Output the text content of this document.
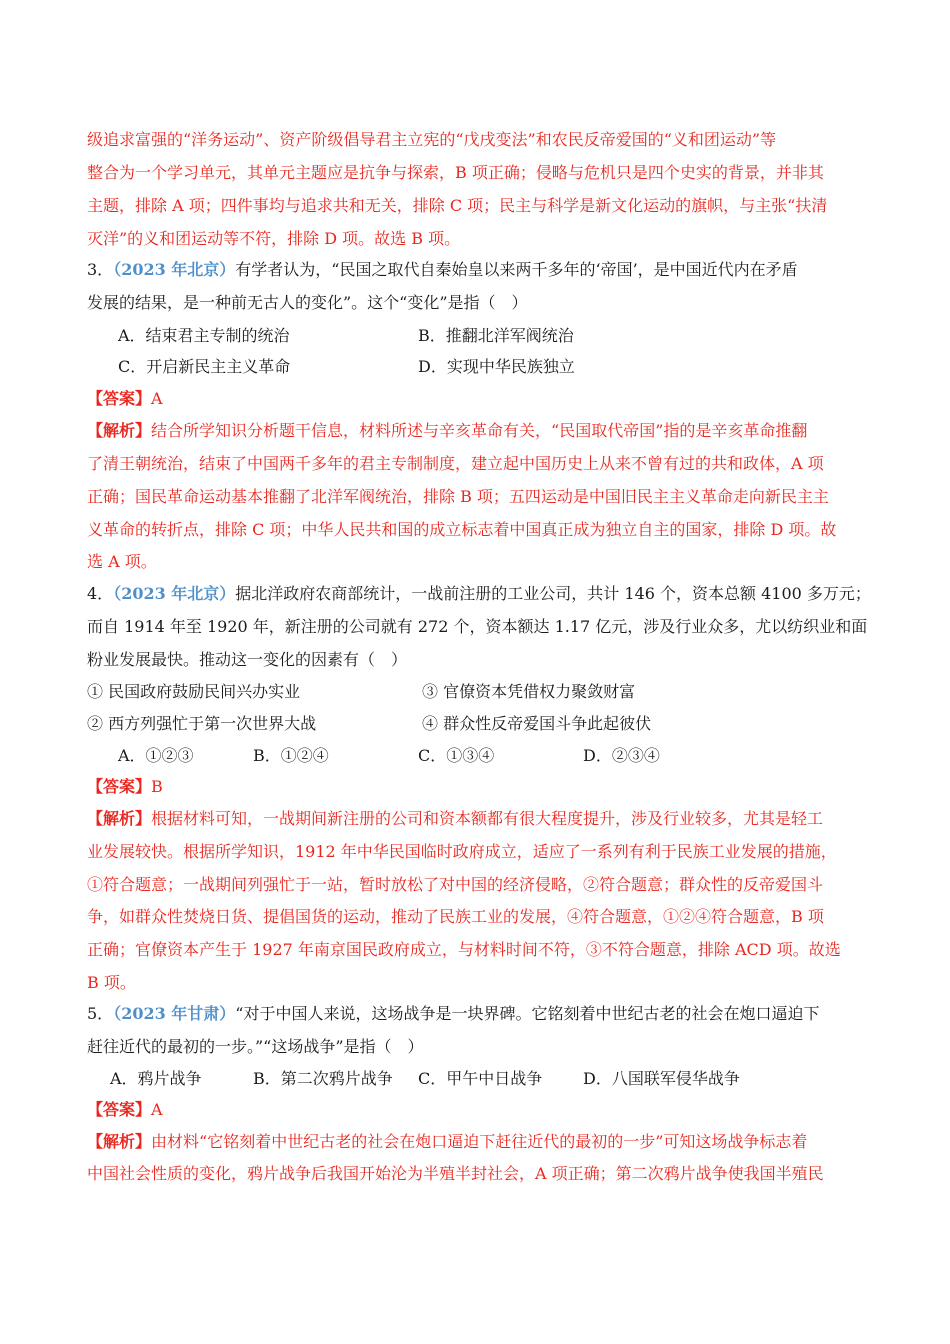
级追求富强的“洋务运动”、资产阶级倡导君主立宪的“戊戌变法”和农民反帝爱国的“义和团运动”等
整合为一个学习单元，其单元主题应是抗争与探索，B 项正确；侵略与危机只是四个史实的背景，并非其
主题，排除 A 项；四件事均与追求共和无关，排除 C 项；民主与科学是新文化运动的旗帜，与主张“扶清
灭洋”的义和团运动等不符，排除 D 项。故选 B 项。
3．（2023 年北京）有学者认为，“民国之取代自秦始皇以来两千多年的‘帝国’，是中国近代内在矛盾
发展的结果，是一种前无古人的变化”。这个“变化”是指（　）
A．结束君主专制的统治	B．推翻北洋军阀统治
C．开启新民主主义革命	D．实现中华民族独立
【答案】A
【解析】结合所学知识分析题干信息，材料所述与辛亥革命有关，“民国取代帝国”指的是辛亥革命推翻
了清王朝统治，结束了中国两千多年的君主专制制度，建立起中国历史上从来不曾有过的共和政体，A 项
正确；国民革命运动基本推翻了北洋军阀统治，排除 B 项；五四运动是中国旧民主主义革命走向新民主主
义革命的转折点，排除 C 项；中华人民共和国的成立标志着中国真正成为独立自主的国家，排除 D 项。故
选 A 项。
4．（2023 年北京）据北洋政府农商部统计，一战前注册的工业公司，共计 146 个，资本总额 4100 多万元；
而自 1914 年至 1920 年，新注册的公司就有 272 个，资本额达 1.17 亿元，涉及行业众多，尤以纺织业和面
粉业发展最快。推动这一变化的因素有（　）
① 民国政府鼓励民间兴办实业	③ 官僚资本凭借权力聚敛财富
② 西方列强忙于第一次世界大战	④ 群众性反帝爱国斗争此起彼伏
A．①②③	B．①②④	C．①③④	D．②③④
【答案】B
【解析】根据材料可知，一战期间新注册的公司和资本额都有很大程度提升，涉及行业较多，尤其是轻工
业发展较快。根据所学知识，1912 年中华民国临时政府成立，适应了一系列有利于民族工业发展的措施，
①符合题意；一战期间列强忙于一站，暂时放松了对中国的经济侵略，②符合题意；群众性的反帝爱国斗
争，如群众性焚烧日货、提倡国货的运动，推动了民族工业的发展，④符合题意，①②④符合题意，B 项
正确；官僚资本产生于 1927 年南京国民政府成立，与材料时间不符，③不符合题意，排除 ACD 项。故选
B 项。
5．（2023 年甘肃）“对于中国人来说，这场战争是一块界碑。它铭刻着中世纪古老的社会在炮口逼迫下
赶往近代的最初的一步。”“这场战争”是指（　）
A．鸦片战争	B．第二次鸦片战争 C．甲午中日战争	D．八国联军侵华战争
【答案】A
【解析】由材料“它铭刻着中世纪古老的社会在炮口逼迫下赶往近代的最初的一步”可知这场战争标志着
中国社会性质的变化，鸦片战争后我国开始沦为半殖半封社会，A 项正确；第二次鸦片战争使我国半殖民
